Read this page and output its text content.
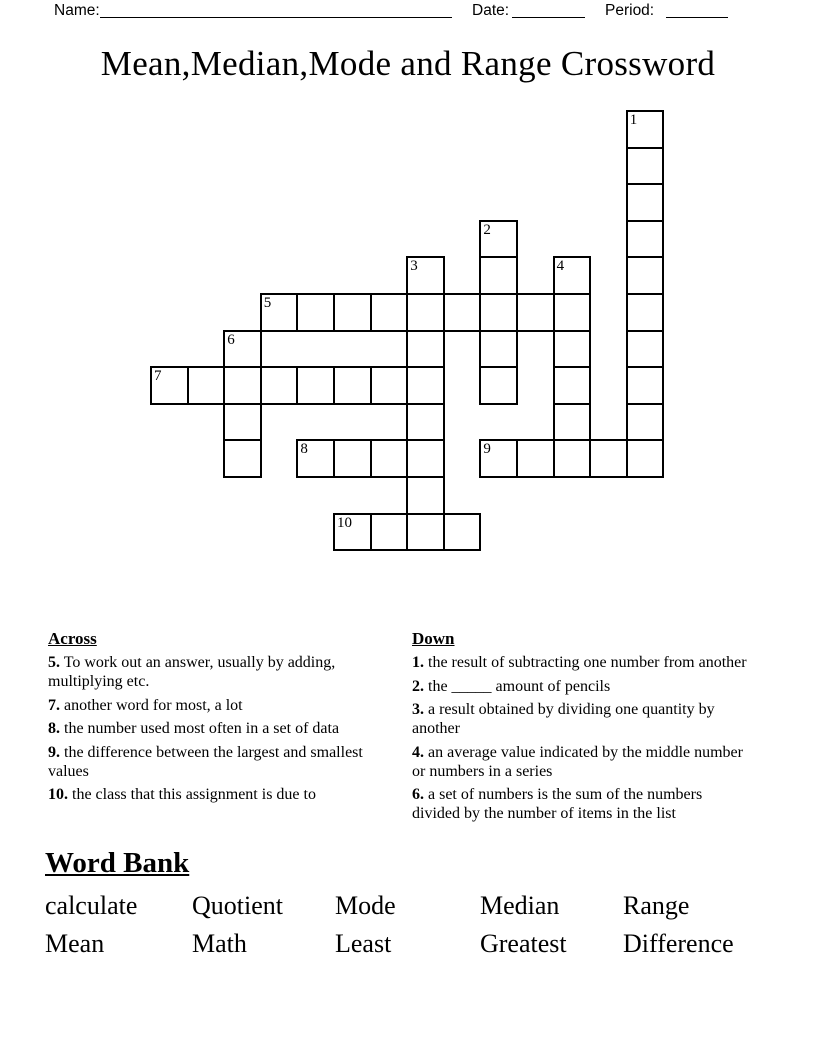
Name:	Date:	Period:
Mean,Median,Mode and Range Crossword
1
2
3	4
5
6
7
8	9
10
Across

5. To work out an answer, usually by adding, multiplying etc.

7. another word for most, a lot

8. the number used most often in a set of data

9. the difference between the largest and smallest values

10. the class that this assignment is due to

Down

1. the result of subtracting one number from another

2. the _____ amount of pencils

3. a result obtained by dividing one quantity by another

4. an average value indicated by the middle number or numbers in a series

6. a set of numbers is the sum of the numbers divided by the number of items in the list

Word Bank
calculate	Quotient	Mode	Median	Range
Mean	Math	Least	Greatest	Difference
